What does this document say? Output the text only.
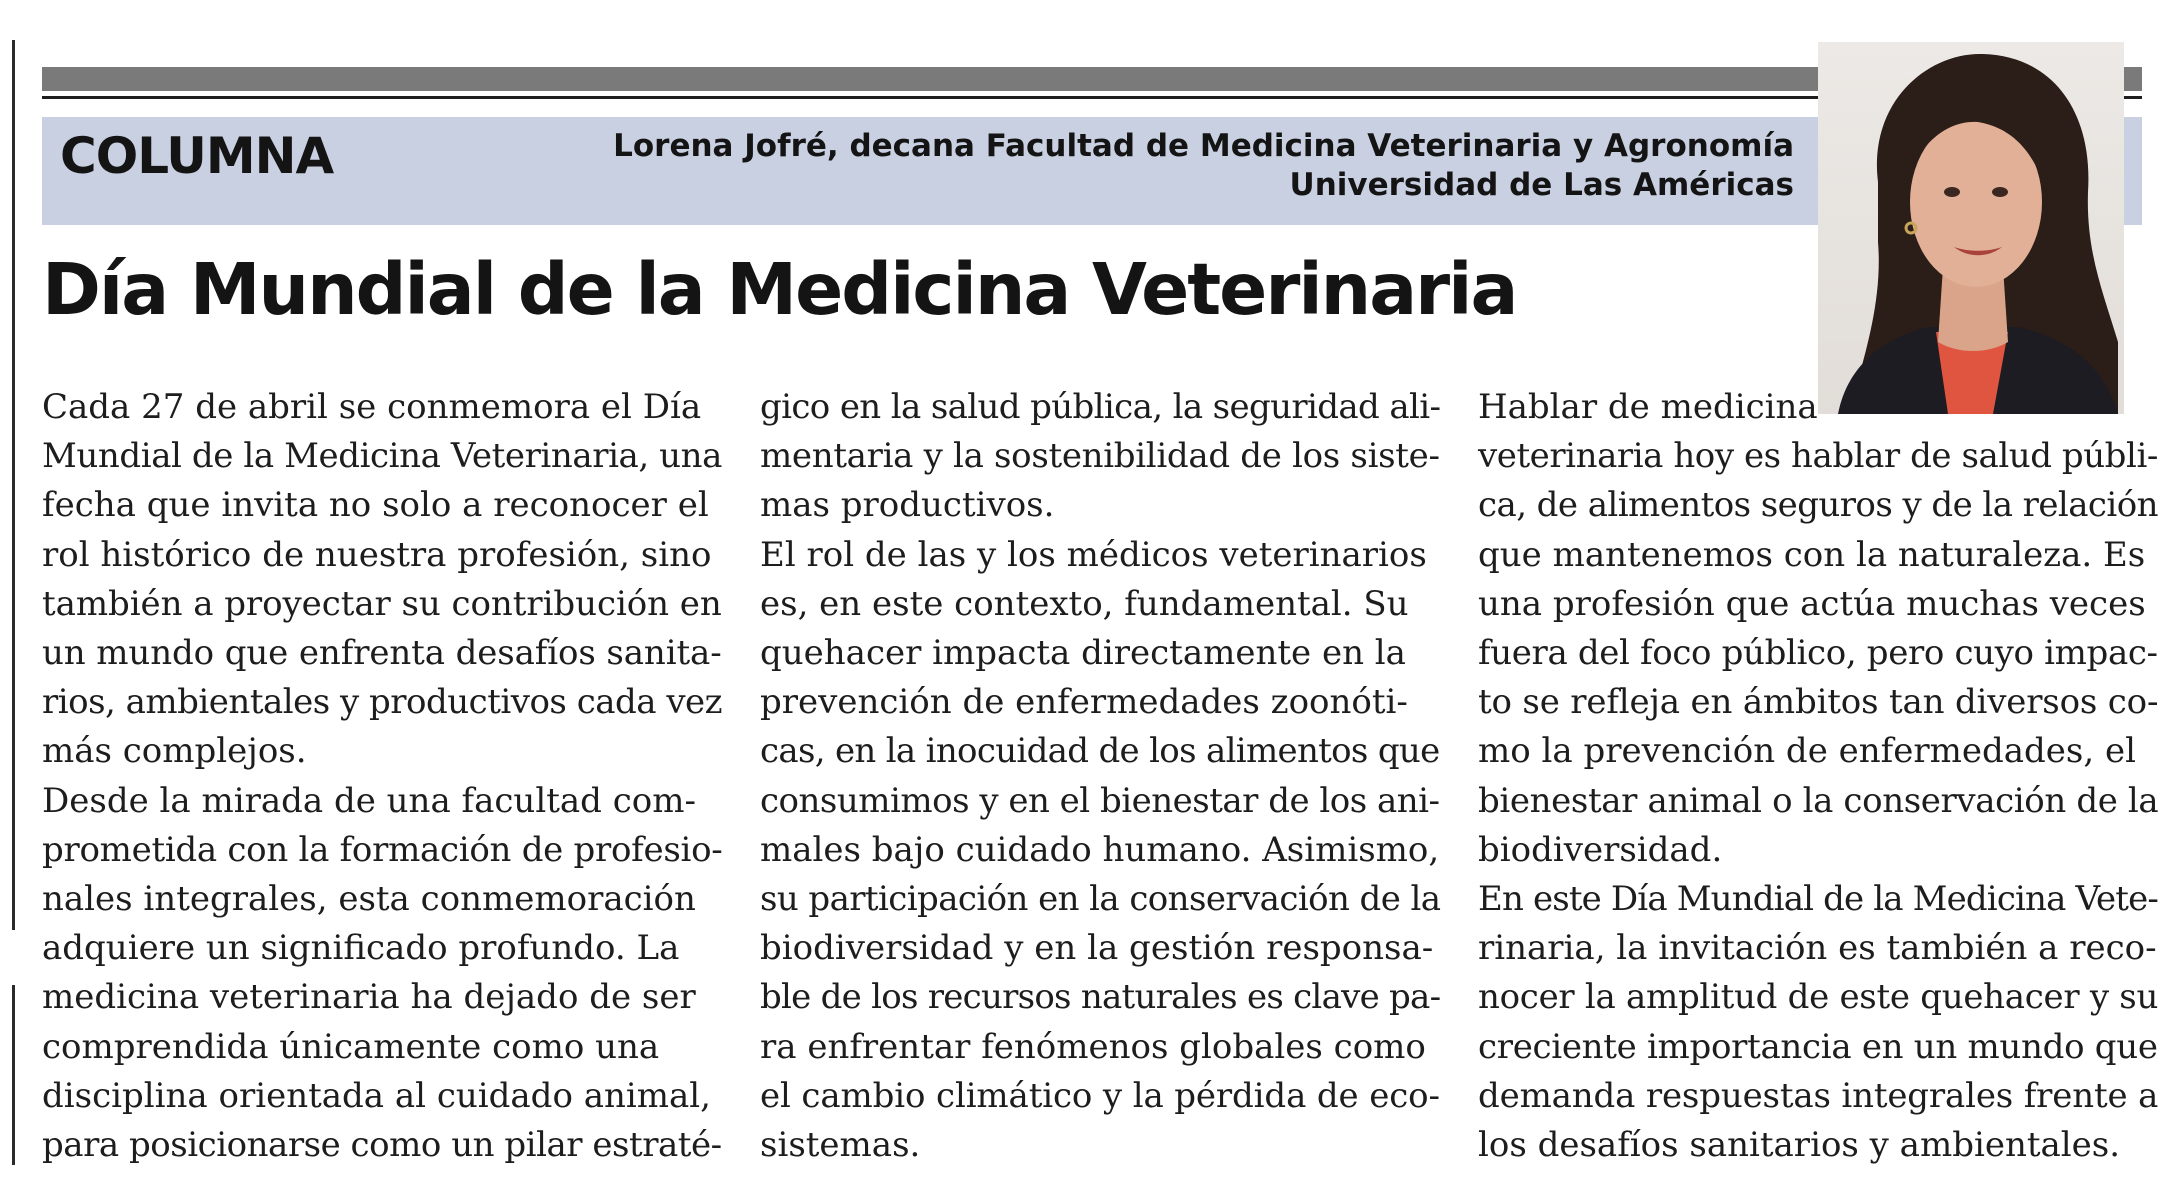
COLUMNA	Lorena Jofré, decana Facultad de Medicina Veterinaria y Agronomía
Universidad de Las Américas
Día Mundial de la Medicina Veterinaria
Cada 27 de abril se conmemora el Día
Mundial de la Medicina Veterinaria, una
fecha que invita no solo a reconocer el
rol histórico de nuestra profesión, sino
también a proyectar su contribución en
un mundo que enfrenta desafíos sanita-
rios, ambientales y productivos cada vez
más complejos.
Desde la mirada de una facultad com-
prometida con la formación de profesio-
nales integrales, esta conmemoración
adquiere un significado profundo. La
medicina veterinaria ha dejado de ser
comprendida únicamente como una
disciplina orientada al cuidado animal,
para posicionarse como un pilar estraté-
gico en la salud pública, la seguridad ali-
mentaria y la sostenibilidad de los siste-
mas productivos.
El rol de las y los médicos veterinarios
es, en este contexto, fundamental. Su
quehacer impacta directamente en la
prevención de enfermedades zoonóti-
cas, en la inocuidad de los alimentos que
consumimos y en el bienestar de los ani-
males bajo cuidado humano. Asimismo,
su participación en la conservación de la
biodiversidad y en la gestión responsa-
ble de los recursos naturales es clave pa-
ra enfrentar fenómenos globales como
el cambio climático y la pérdida de eco-
sistemas.
Hablar de medicina
veterinaria hoy es hablar de salud públi-
ca, de alimentos seguros y de la relación
que mantenemos con la naturaleza. Es
una profesión que actúa muchas veces
fuera del foco público, pero cuyo impac-
to se refleja en ámbitos tan diversos co-
mo la prevención de enfermedades, el
bienestar animal o la conservación de la
biodiversidad.
En este Día Mundial de la Medicina Vete-
rinaria, la invitación es también a reco-
nocer la amplitud de este quehacer y su
creciente importancia en un mundo que
demanda respuestas integrales frente a
los desafíos sanitarios y ambientales.
